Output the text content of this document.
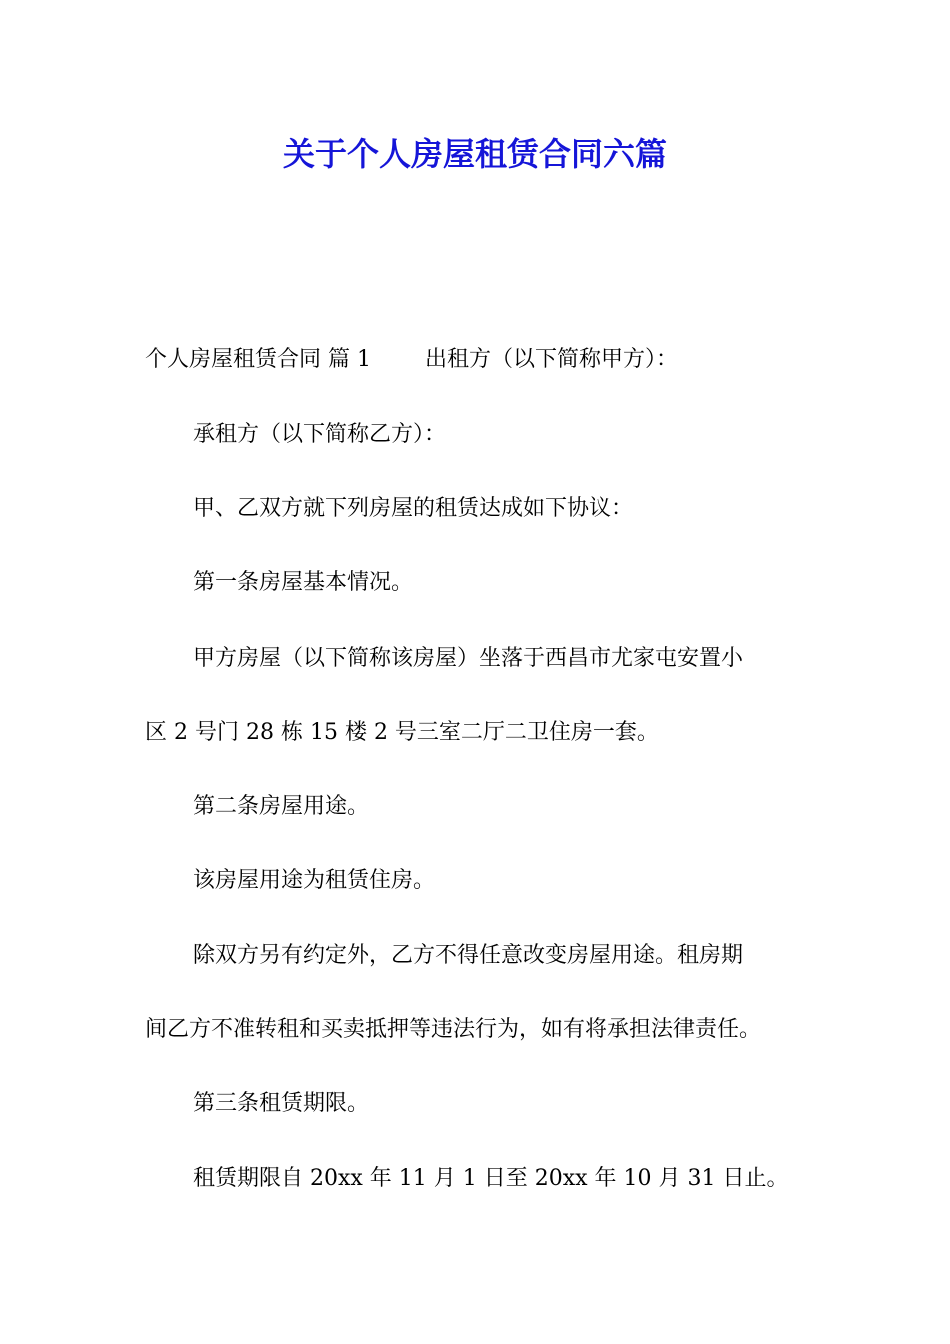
关于个人房屋租赁合同六篇

个人房屋租赁合同 篇 1 出租方（以下简称甲方）：

承租方（以下简称乙方）：

甲、乙双方就下列房屋的租赁达成如下协议：

第一条房屋基本情况。

甲方房屋（以下简称该房屋）坐落于西昌市尤家屯安置小

区 2 号门 28 栋 15 楼 2 号三室二厅二卫住房一套。

第二条房屋用途。

该房屋用途为租赁住房。

除双方另有约定外，乙方不得任意改变房屋用途。租房期

间乙方不准转租和买卖抵押等违法行为，如有将承担法律责任。

第三条租赁期限。

租赁期限自 20xx 年 11 月 1 日至 20xx 年 10 月 31 日止。
